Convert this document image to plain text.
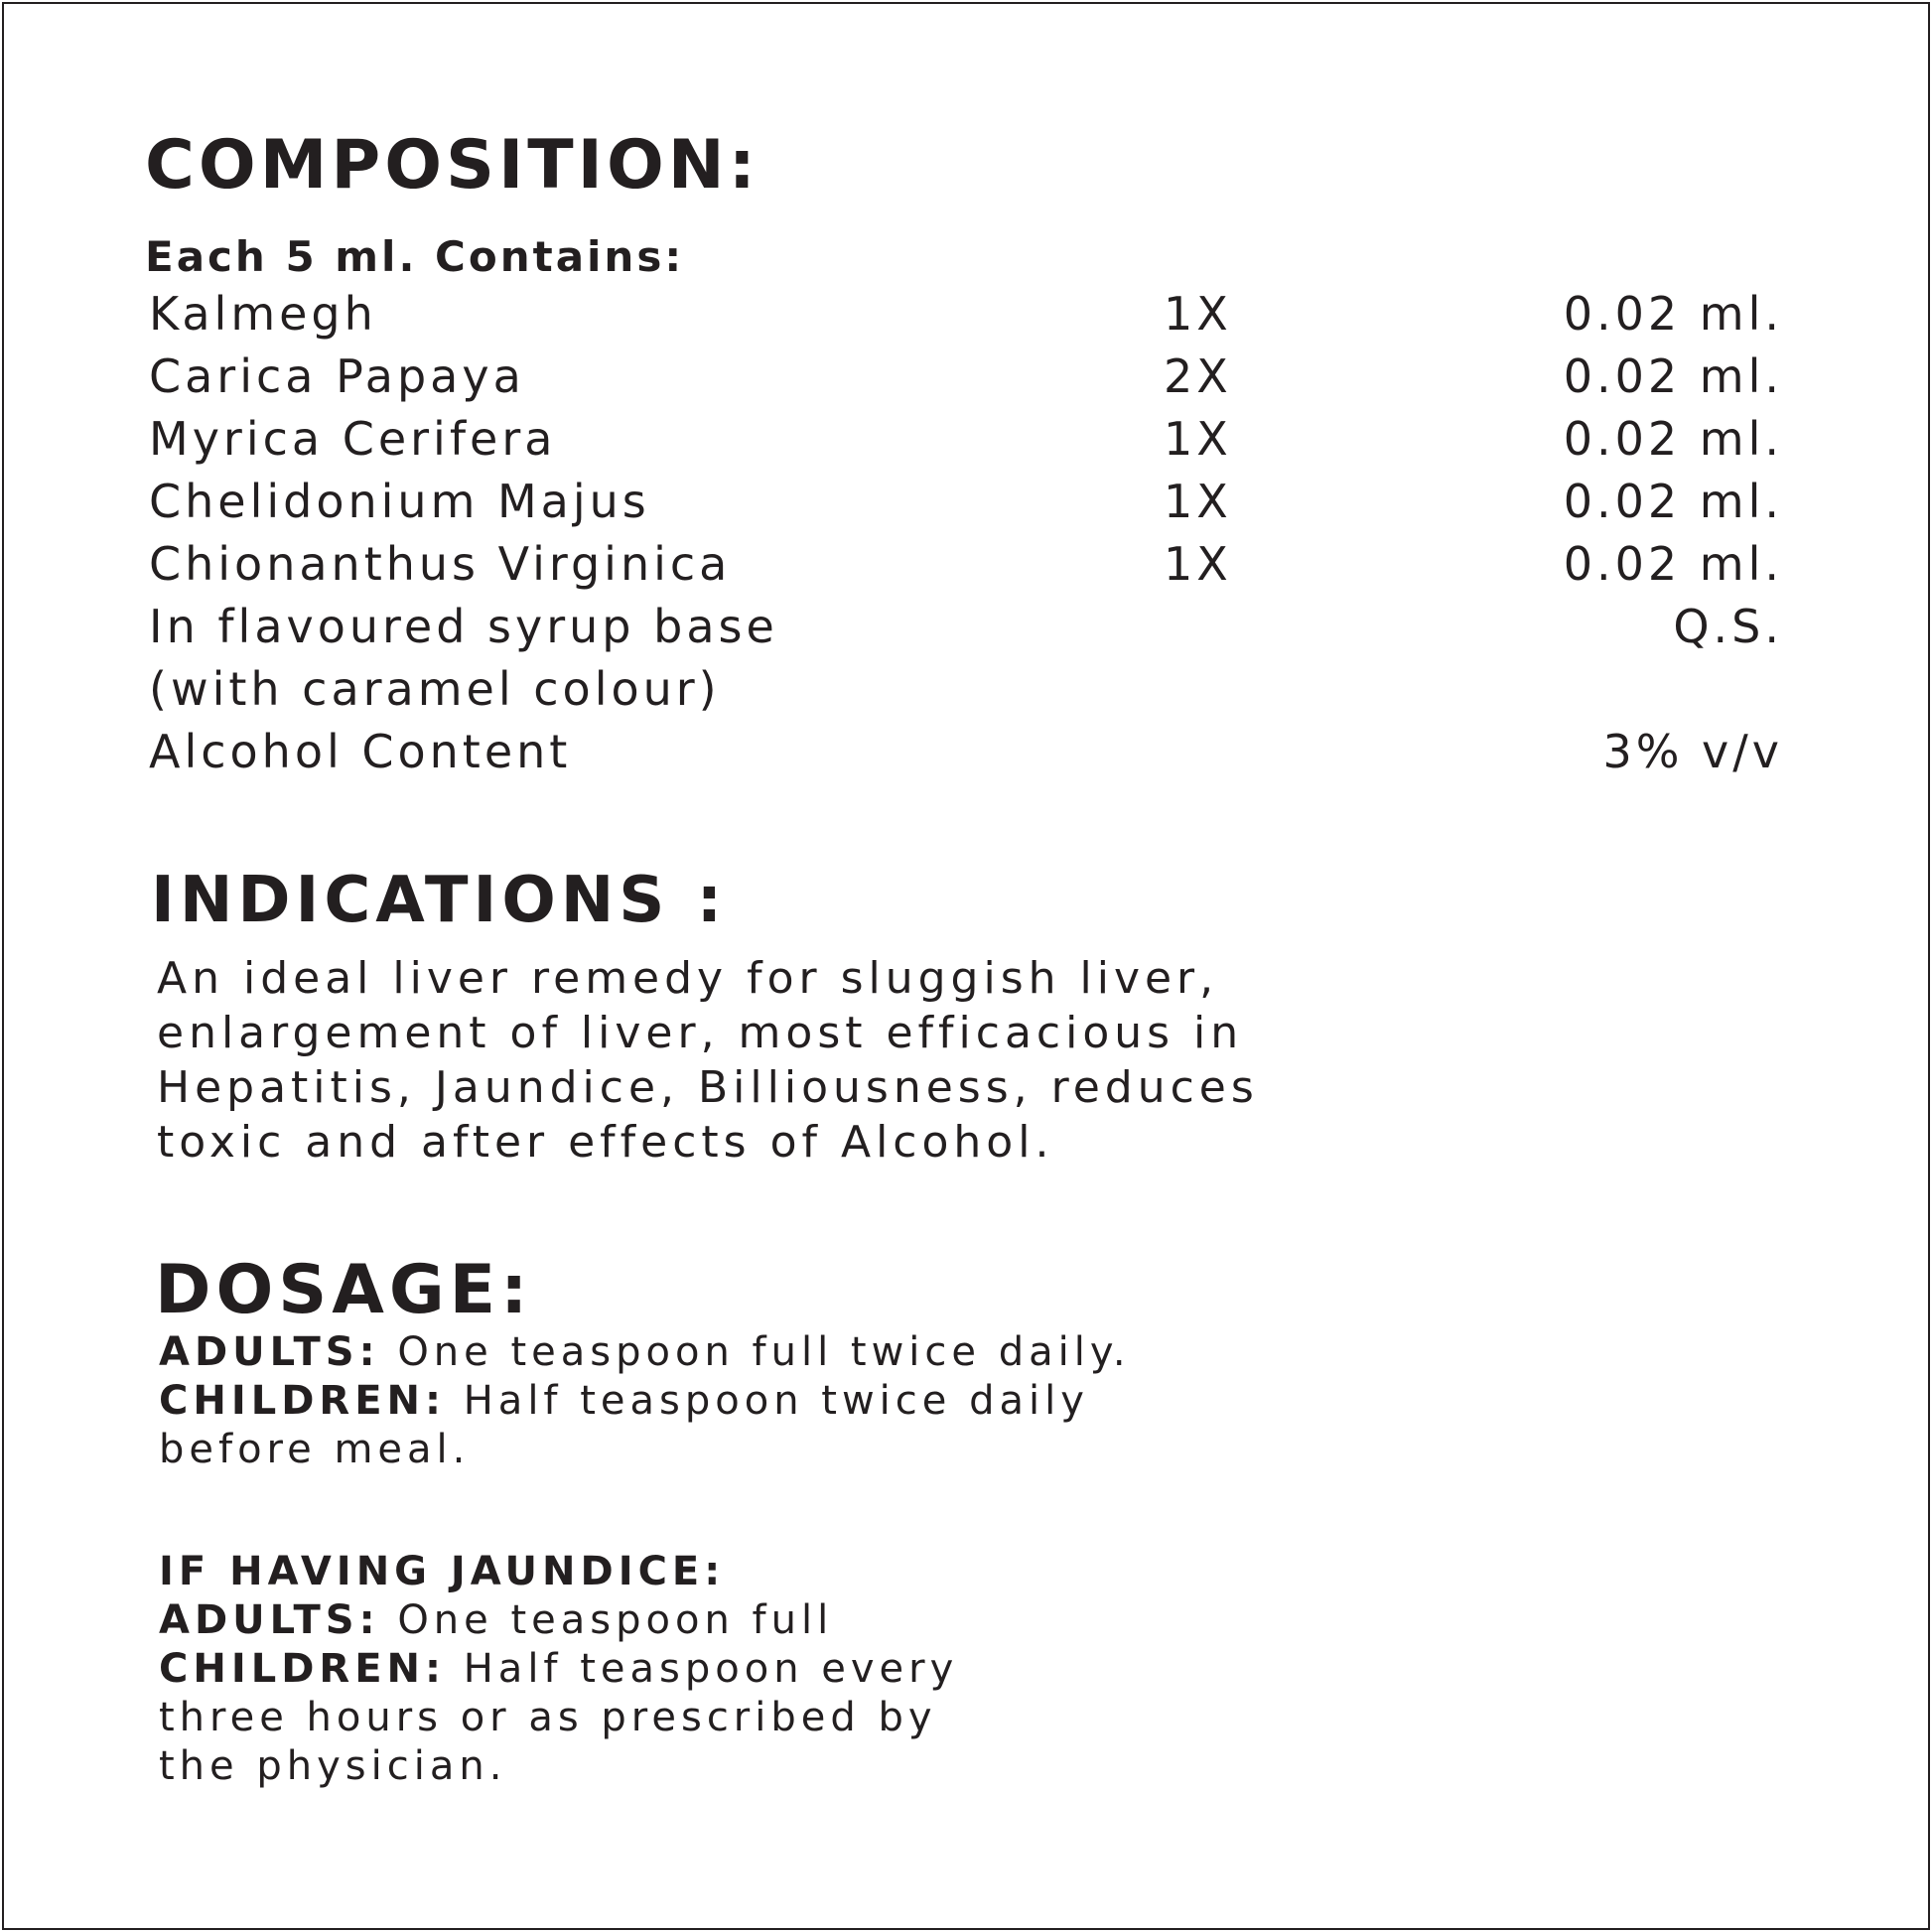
COMPOSITION:
Each 5 ml. Contains:
Kalmegh	1X	0.02 ml.
Carica Papaya	2X	0.02 ml.
Myrica Cerifera	1X	0.02 ml.
Chelidonium Majus	1X	0.02 ml.
Chionanthus Virginica	1X	0.02 ml.
In flavoured syrup base	Q.S.
(with caramel colour)
Alcohol Content	3% v/v
INDICATIONS :
An ideal liver remedy for sluggish liver,
enlargement of liver, most efficacious in
Hepatitis, Jaundice, Billiousness, reduces
toxic and after effects of Alcohol.
DOSAGE:
ADULTS: One teaspoon full twice daily.
CHILDREN: Half teaspoon twice daily
before meal.
IF HAVING JAUNDICE:
ADULTS: One teaspoon full
CHILDREN: Half teaspoon every
three hours or as prescribed by
the physician.
